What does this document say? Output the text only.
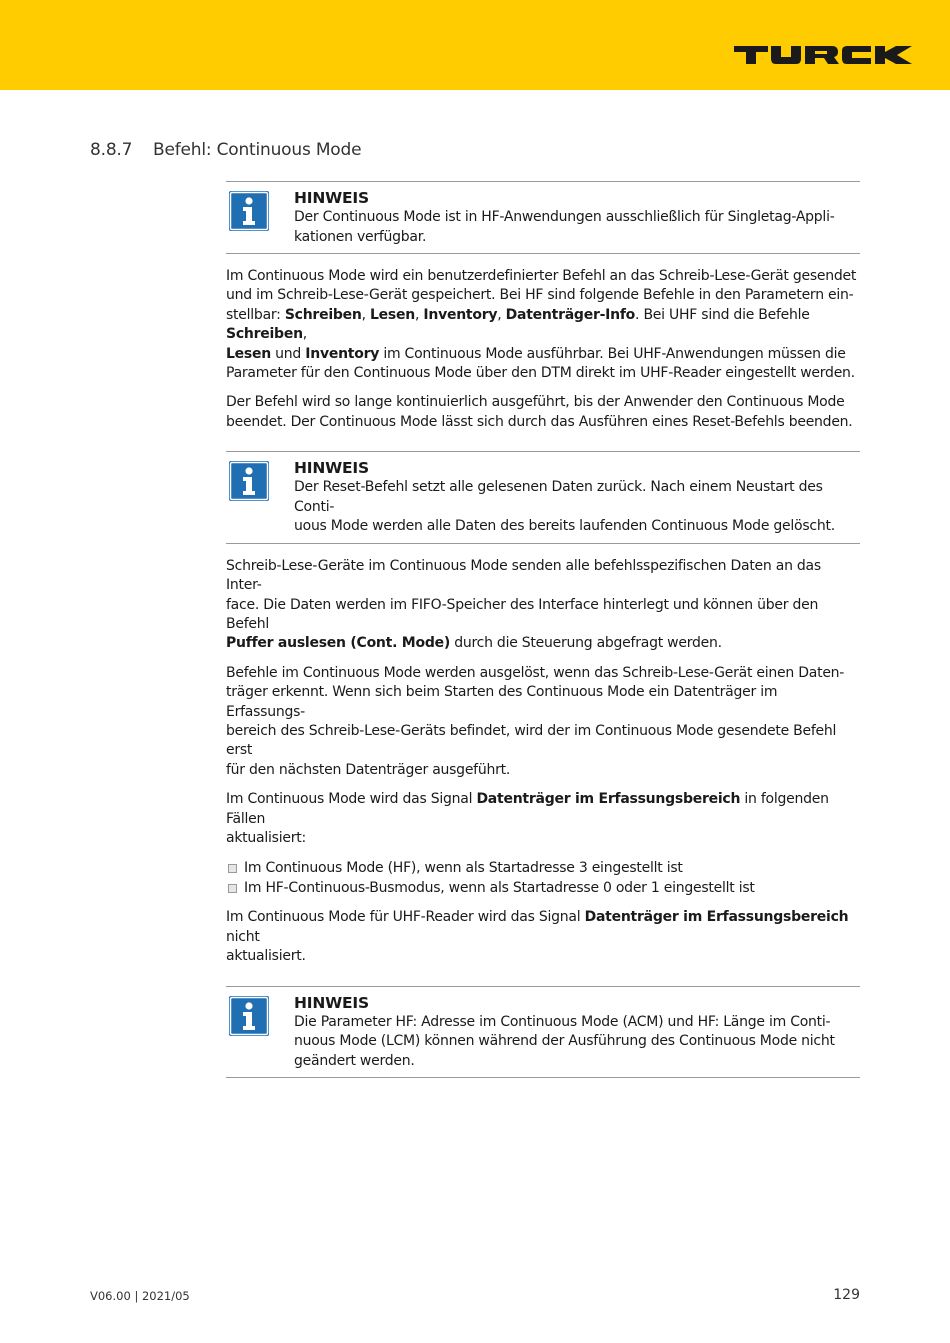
8.8.7 Befehl: Continuous Mode
HINWEIS
Der Continuous Mode ist in HF-Anwendungen ausschließlich für Singletag-Appli-
kationen verfügbar.

Im Continuous Mode wird ein benutzerdefinierter Befehl an das Schreib-Lese-Gerät gesendet
und im Schreib-Lese-Gerät gespeichert. Bei HF sind folgende Befehle in den Parametern ein-
stellbar: Schreiben, Lesen, Inventory, Datenträger-Info. Bei UHF sind die Befehle Schreiben,
Lesen und Inventory im Continuous Mode ausführbar. Bei UHF-Anwendungen müssen die
Parameter für den Continuous Mode über den DTM direkt im UHF-Reader eingestellt werden.

Der Befehl wird so lange kontinuierlich ausgeführt, bis der Anwender den Continuous Mode
beendet. Der Continuous Mode lässt sich durch das Ausführen eines Reset-Befehls beenden.

HINWEIS
Der Reset-Befehl setzt alle gelesenen Daten zurück. Nach einem Neustart des Conti-
uous Mode werden alle Daten des bereits laufenden Continuous Mode gelöscht.

Schreib-Lese-Geräte im Continuous Mode senden alle befehlsspezifischen Daten an das Inter-
face. Die Daten werden im FIFO-Speicher des Interface hinterlegt und können über den Befehl
Puffer auslesen (Cont. Mode) durch die Steuerung abgefragt werden.

Befehle im Continuous Mode werden ausgelöst, wenn das Schreib-Lese-Gerät einen Daten-
träger erkennt. Wenn sich beim Starten des Continuous Mode ein Datenträger im Erfassungs-
bereich des Schreib-Lese-Geräts befindet, wird der im Continuous Mode gesendete Befehl erst
für den nächsten Datenträger ausgeführt.

Im Continuous Mode wird das Signal Datenträger im Erfassungsbereich in folgenden Fällen
aktualisiert:

Im Continuous Mode (HF), wenn als Startadresse 3 eingestellt ist
Im HF-Continuous-Busmodus, wenn als Startadresse 0 oder 1 eingestellt ist

Im Continuous Mode für UHF-Reader wird das Signal Datenträger im Erfassungsbereich nicht
aktualisiert.

HINWEIS
Die Parameter HF: Adresse im Continuous Mode (ACM) und HF: Länge im Conti-
nuous Mode (LCM) können während der Ausführung des Continuous Mode nicht
geändert werden.
V06.00 | 2021/05	129
